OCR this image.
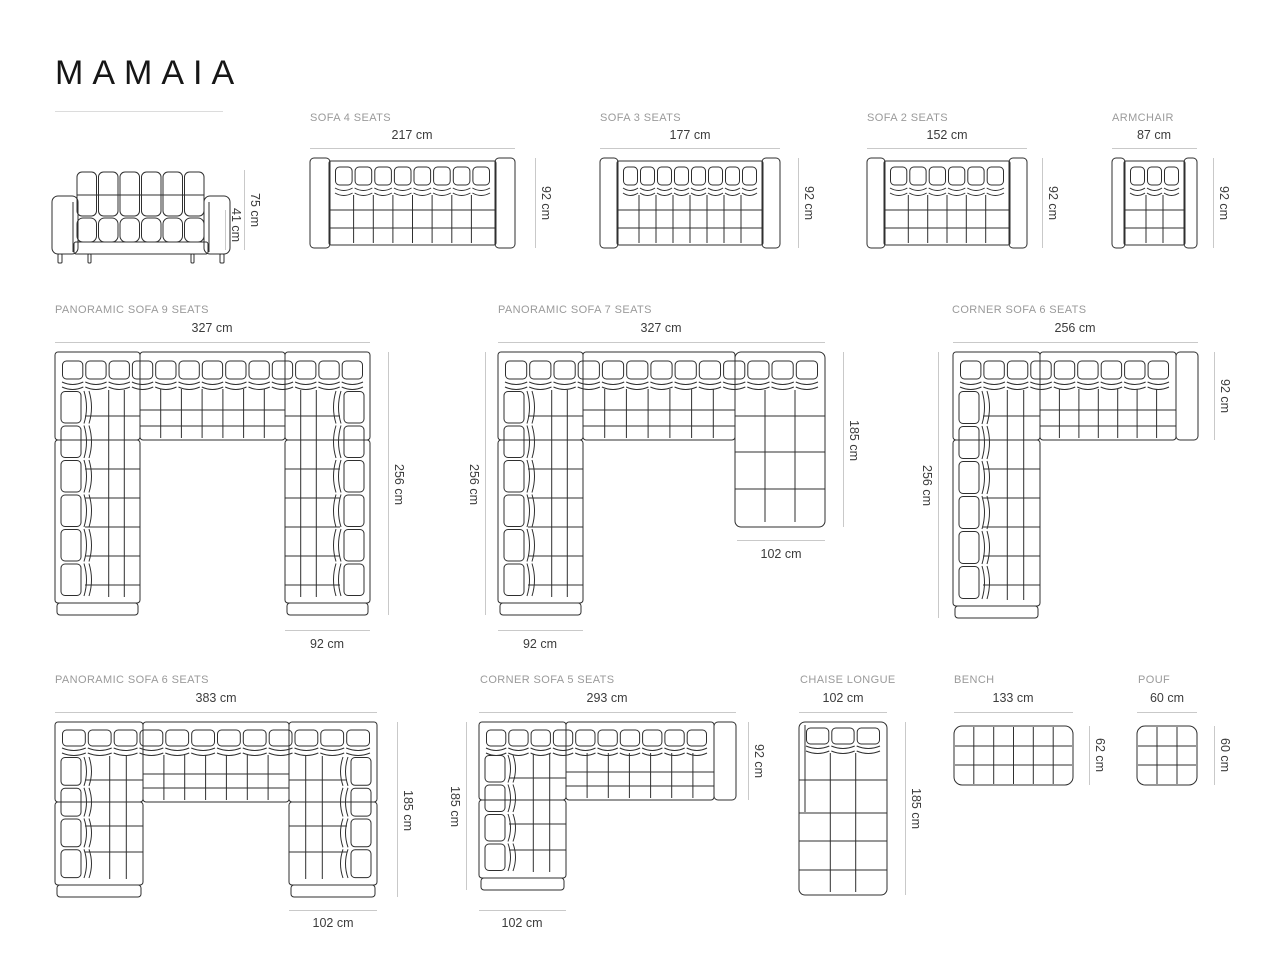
MAMAIA
SOFA 4 SEATS	SOFA 3 SEATS	SOFA 2 SEATS	ARMCHAIR
217 cm	177 cm	152 cm	87 cm
41 cm 75 cm	92 cm	92 cm	92 cm	92 cm
PANORAMIC SOFA 9 SEATS	PANORAMIC SOFA 7 SEATS	CORNER SOFA 6 SEATS
327 cm	327 cm	256 cm
256 cm
92 cm
256 cm
185 cm
102 cm
92 cm
256 cm
92 cm
PANORAMIC SOFA 6 SEATS	CORNER SOFA 5 SEATS	CHAISE LONGUE	BENCH	POUF
383 cm	293 cm	102 cm	133 cm	60 cm
185 cm
102 cm
185 cm
92 cm
102 cm
185 cm
62 cm	60 cm
